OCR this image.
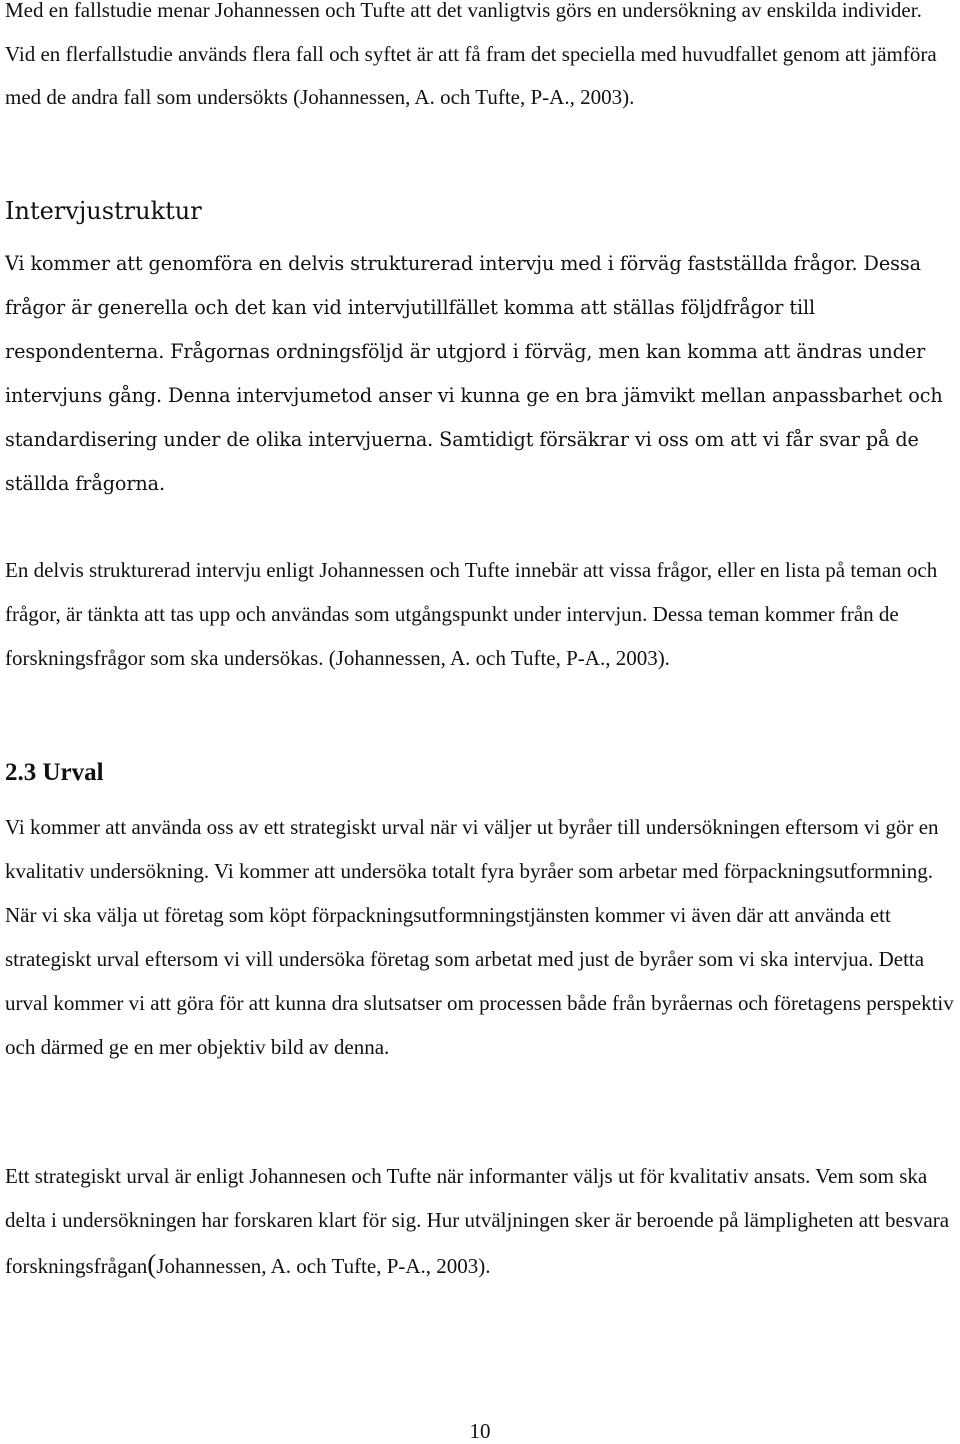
Med en fallstudie menar Johannessen och Tufte att det vanligtvis görs en undersökning av enskilda individer. Vid en flerfallstudie används flera fall och syftet är att få fram det speciella med huvudfallet genom att jämföra med de andra fall som undersökts (Johannessen, A. och Tufte, P-A., 2003).

Intervjustruktur

Vi kommer att genomföra en delvis strukturerad intervju med i förväg fastställda frågor. Dessa frågor är generella och det kan vid intervjutillfället komma att ställas följdfrågor till respondenterna. Frågornas ordningsföljd är utgjord i förväg, men kan komma att ändras under intervjuns gång. Denna intervjumetod anser vi kunna ge en bra jämvikt mellan anpassbarhet och standardisering under de olika intervjuerna. Samtidigt försäkrar vi oss om att vi får svar på de ställda frågorna.

En delvis strukturerad intervju enligt Johannessen och Tufte innebär att vissa frågor, eller en lista på teman och frågor, är tänkta att tas upp och användas som utgångspunkt under intervjun. Dessa teman kommer från de forskningsfrågor som ska undersökas. (Johannessen, A. och Tufte, P-A., 2003).

2.3 Urval

Vi kommer att använda oss av ett strategiskt urval när vi väljer ut byråer till undersökningen eftersom vi gör en kvalitativ undersökning. Vi kommer att undersöka totalt fyra byråer som arbetar med förpackningsutformning. När vi ska välja ut företag som köpt förpackningsutformningstjänsten kommer vi även där att använda ett strategiskt urval eftersom vi vill undersöka företag som arbetat med just de byråer som vi ska intervjua. Detta urval kommer vi att göra för att kunna dra slutsatser om processen både från byråernas och företagens perspektiv och därmed ge en mer objektiv bild av denna.

Ett strategiskt urval är enligt Johannesen och Tufte när informanter väljs ut för kvalitativ ansats. Vem som ska delta i undersökningen har forskaren klart för sig. Hur utväljningen sker är beroende på lämpligheten att besvara forskningsfrågan(Johannessen, A. och Tufte, P-A., 2003).

10
